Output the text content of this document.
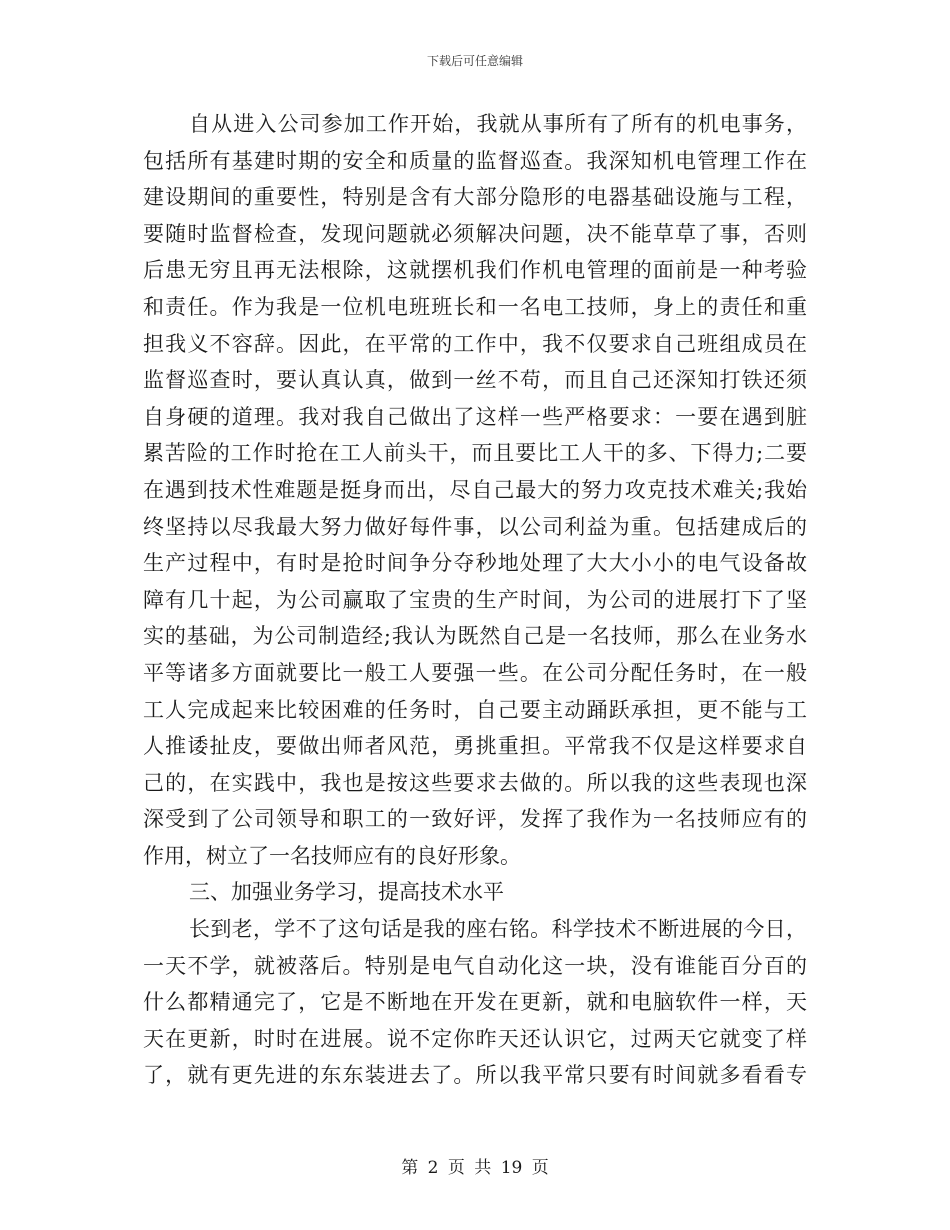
下载后可任意编辑
自从进入公司参加工作开始，我就从事所有了所有的机电事务，
包括所有基建时期的安全和质量的监督巡查。我深知机电管理工作在
建设期间的重要性，特别是含有大部分隐形的电器基础设施与工程，
要随时监督检查，发现问题就必须解决问题，决不能草草了事，否则
后患无穷且再无法根除，这就摆机我们作机电管理的面前是一种考验
和责任。作为我是一位机电班班长和一名电工技师，身上的责任和重
担我义不容辞。因此，在平常的工作中，我不仅要求自己班组成员在
监督巡查时，要认真认真，做到一丝不苟，而且自己还深知打铁还须
自身硬的道理。我对我自己做出了这样一些严格要求：一要在遇到脏
累苦险的工作时抢在工人前头干，而且要比工人干的多、下得力;二要
在遇到技术性难题是挺身而出，尽自己最大的努力攻克技术难关;我始
终坚持以尽我最大努力做好每件事，以公司利益为重。包括建成后的
生产过程中，有时是抢时间争分夺秒地处理了大大小小的电气设备故
障有几十起，为公司赢取了宝贵的生产时间，为公司的进展打下了坚
实的基础，为公司制造经;我认为既然自己是一名技师，那么在业务水
平等诸多方面就要比一般工人要强一些。在公司分配任务时，在一般
工人完成起来比较困难的任务时，自己要主动踊跃承担，更不能与工
人推诿扯皮，要做出师者风范，勇挑重担。平常我不仅是这样要求自
己的，在实践中，我也是按这些要求去做的。所以我的这些表现也深
深受到了公司领导和职工的一致好评，发挥了我作为一名技师应有的
作用，树立了一名技师应有的良好形象。
三、加强业务学习，提高技术水平
长到老，学不了这句话是我的座右铭。科学技术不断进展的今日，
一天不学，就被落后。特别是电气自动化这一块，没有谁能百分百的
什么都精通完了，它是不断地在开发在更新，就和电脑软件一样，天
天在更新，时时在进展。说不定你昨天还认识它，过两天它就变了样
了，就有更先进的东东装进去了。所以我平常只要有时间就多看看专
第 2 页 共 19 页
